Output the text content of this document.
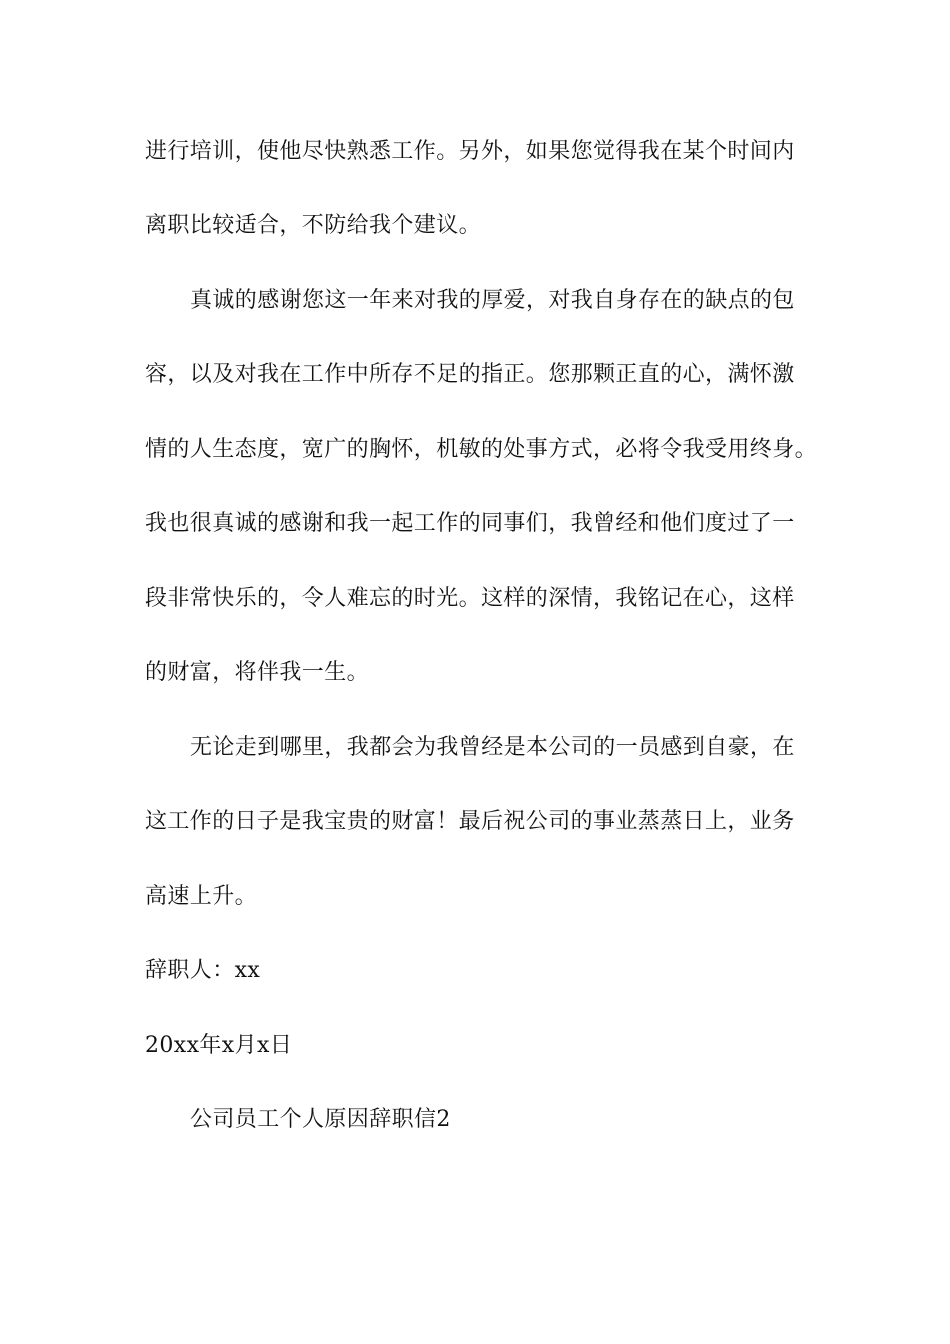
进行培训，使他尽快熟悉工作。另外，如果您觉得我在某个时间内
离职比较适合，不防给我个建议。
真诚的感谢您这一年来对我的厚爱，对我自身存在的缺点的包
容，以及对我在工作中所存不足的指正。您那颗正直的心，满怀激
情的人生态度，宽广的胸怀，机敏的处事方式，必将令我受用终身。
我也很真诚的感谢和我一起工作的同事们，我曾经和他们度过了一
段非常快乐的，令人难忘的时光。这样的深情，我铭记在心，这样
的财富，将伴我一生。
无论走到哪里，我都会为我曾经是本公司的一员感到自豪，在
这工作的日子是我宝贵的财富！最后祝公司的事业蒸蒸日上，业务
高速上升。
辞职人：xx
20xx年x月x日
公司员工个人原因辞职信2
